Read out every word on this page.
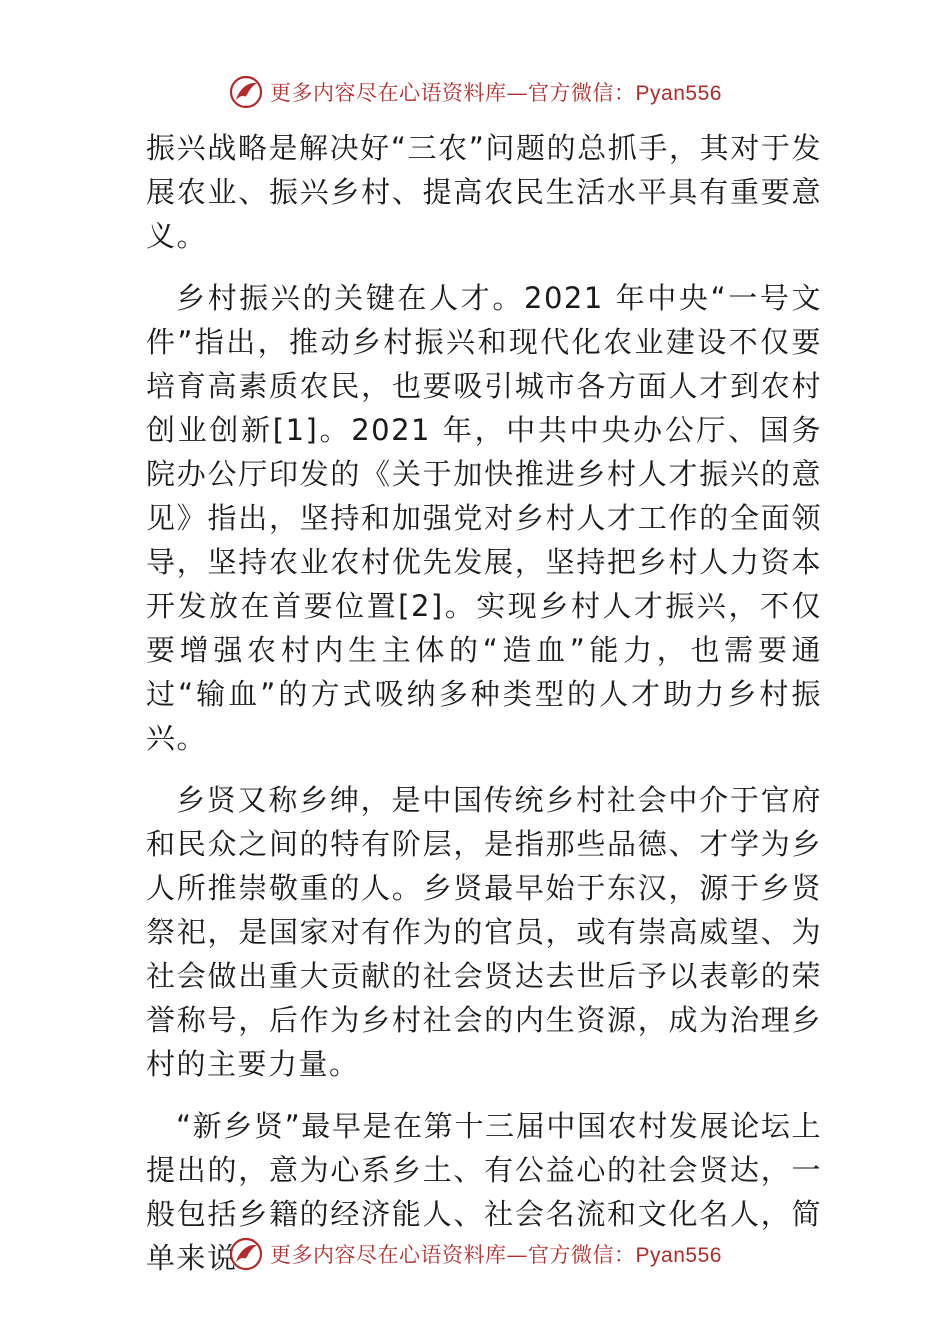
更多内容尽在心语资料库—官方微信：Pyan556

振兴战略是解决好“三农”问题的总抓手，其对于发展农业、振兴乡村、提高农民生活水平具有重要意义。

乡村振兴的关键在人才。2021 年中央“一号文件”指出，推动乡村振兴和现代化农业建设不仅要培育高素质农民，也要吸引城市各方面人才到农村创业创新[1]。2021 年，中共中央办公厅、国务院办公厅印发的《关于加快推进乡村人才振兴的意见》指出，坚持和加强党对乡村人才工作的全面领导，坚持农业农村优先发展，坚持把乡村人力资本开发放在首要位置[2]。实现乡村人才振兴，不仅要增强农村内生主体的“造血”能力，也需要通过“输血”的方式吸纳多种类型的人才助力乡村振兴。

乡贤又称乡绅，是中国传统乡村社会中介于官府和民众之间的特有阶层，是指那些品德、才学为乡人所推崇敬重的人。乡贤最早始于东汉，源于乡贤祭祀，是国家对有作为的官员，或有崇高威望、为社会做出重大贡献的社会贤达去世后予以表彰的荣誉称号，后作为乡村社会的内生资源，成为治理乡村的主要力量。

“新乡贤”最早是在第十三届中国农村发展论坛上提出的，意为心系乡土、有公益心的社会贤达，一般包括乡籍的经济能人、社会名流和文化名人，简单来说	更多内容尽在心语资料库—官方微信：Pyan556
